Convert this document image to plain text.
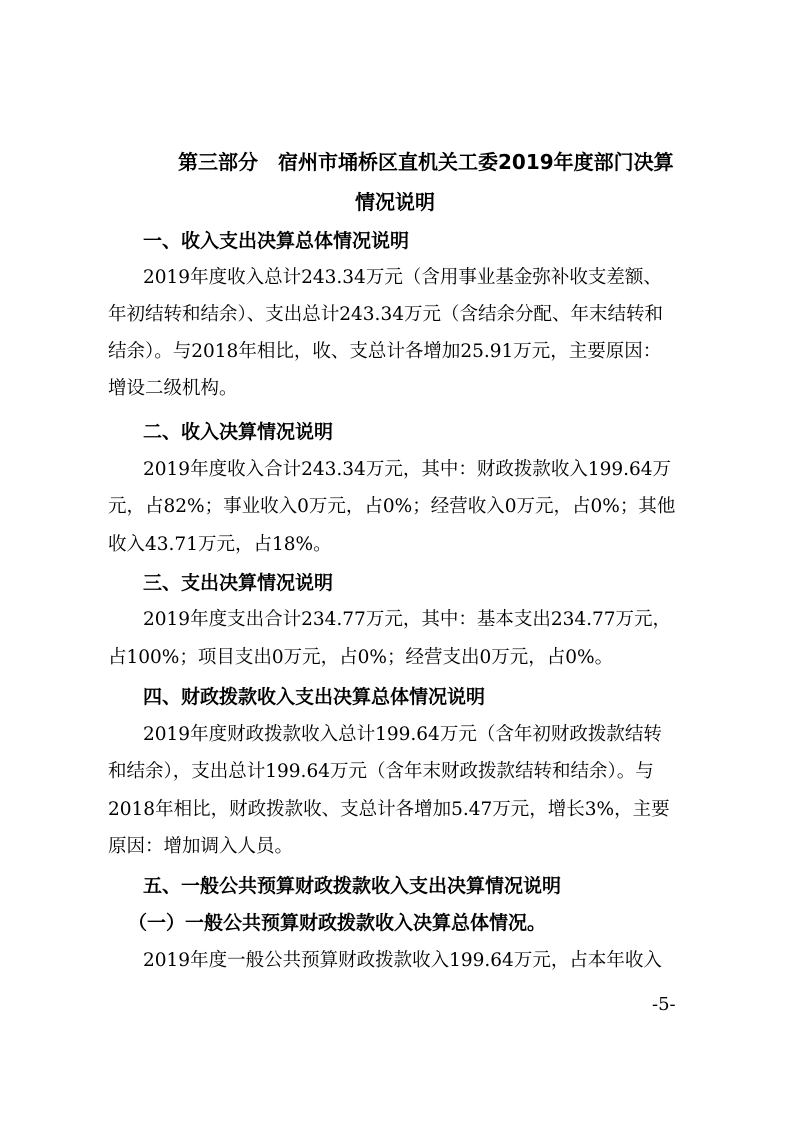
第三部分　宿州市埇桥区直机关工委2019年度部门决算
情况说明
一、收入支出决算总体情况说明
2019年度收入总计243.34万元（含用事业基金弥补收支差额、
年初结转和结余）、支出总计243.34万元（含结余分配、年末结转和
结余）。与2018年相比，收、支总计各增加25.91万元，主要原因：
增设二级机构。
二、收入决算情况说明
2019年度收入合计243.34万元，其中：财政拨款收入199.64万
元，占82%；事业收入0万元，占0%；经营收入0万元，占0%；其他
收入43.71万元，占18%。
三、支出决算情况说明
2019年度支出合计234.77万元，其中：基本支出234.77万元，
占100%；项目支出0万元，占0%；经营支出0万元，占0%。
四、财政拨款收入支出决算总体情况说明
2019年度财政拨款收入总计199.64万元（含年初财政拨款结转
和结余），支出总计199.64万元（含年末财政拨款结转和结余）。与
2018年相比，财政拨款收、支总计各增加5.47万元，增长3%，主要
原因：增加调入人员。
五、一般公共预算财政拨款收入支出决算情况说明
（一）一般公共预算财政拨款收入决算总体情况。
2019年度一般公共预算财政拨款收入199.64万元，占本年收入
-5-
